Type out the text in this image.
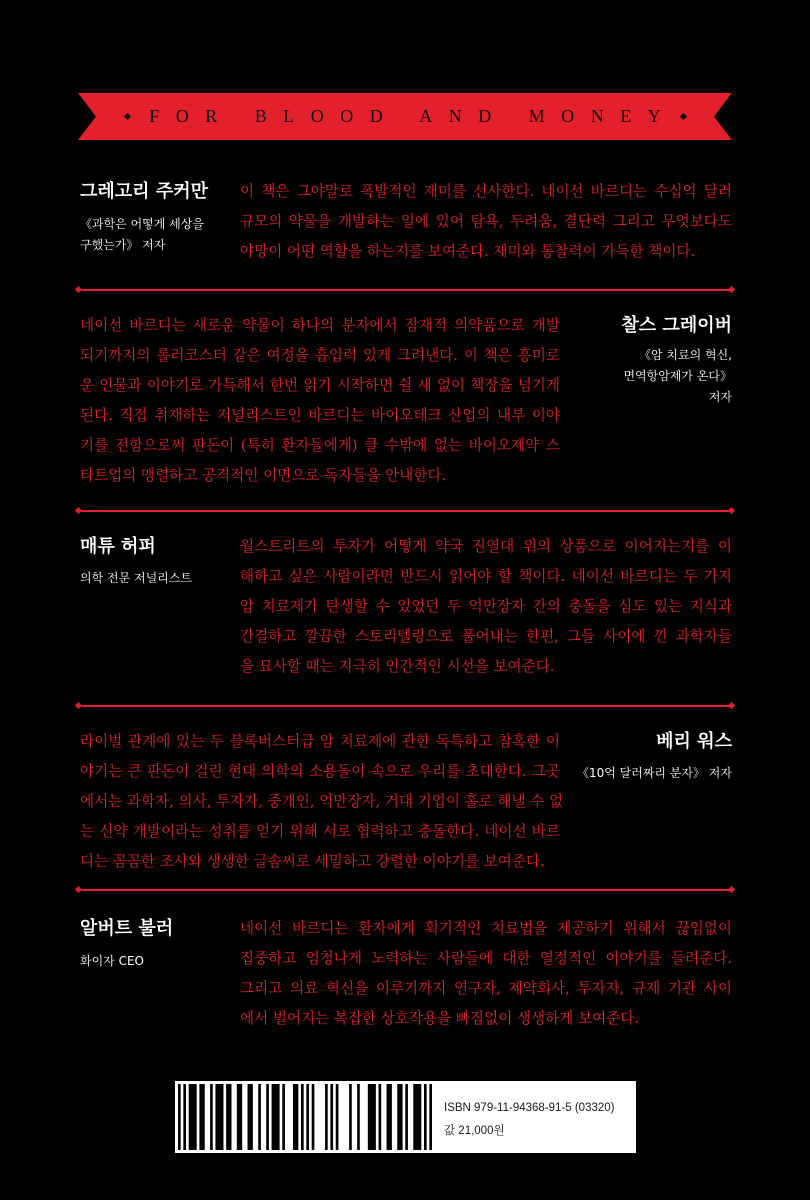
FOR BLOOD AND MONEY
그레고리 주커만
《과학은 어떻게 세상을
구했는가》 저자
이 책은 그야말로 폭발적인 재미를 선사한다. 네이선 바르디는 수십억 달러
규모의 약물을 개발하는 일에 있어 탐욕, 두려움, 결단력 그리고 무엇보다도
야망이 어떤 역할을 하는지를 보여준다. 재미와 통찰력이 가득한 책이다.
네이선 바르디는 새로운 약물이 하나의 분자에서 잠재적 의약품으로 개발
되기까지의 롤러코스터 같은 여정을 흡입력 있게 그려낸다. 이 책은 흥미로
운 인물과 이야기로 가득해서 한번 읽기 시작하면 쉴 새 없이 책장을 넘기게
된다. 직접 취재하는 저널리스트인 바르디는 바이오테크 산업의 내부 이야
기를 전함으로써 판돈이 (특히 환자들에게) 클 수밖에 없는 바이오제약 스
타트업의 맹렬하고 공격적인 이면으로 독자들을 안내한다.
찰스 그레이버
《암 치료의 혁신,
면역항암제가 온다》
저자
매튜 허퍼
의학 전문 저널리스트
월스트리트의 투자가 어떻게 약국 진열대 위의 상품으로 이어지는지를 이
해하고 싶은 사람이라면 반드시 읽어야 할 책이다. 네이선 바르디는 두 가지
암 치료제가 탄생할 수 있었던 두 억만장자 간의 충돌을 심도 있는 지식과
간결하고 깔끔한 스토리텔링으로 풀어내는 한편, 그들 사이에 낀 과학자들
을 묘사할 때는 지극히 인간적인 시선을 보여준다.
라이벌 관계에 있는 두 블록버스터급 암 치료제에 관한 독특하고 참혹한 이
야기는 큰 판돈이 걸린 현대 의학의 소용돌이 속으로 우리를 초대한다. 그곳
에서는 과학자, 의사, 투자자, 중개인, 억만장자, 거대 기업이 홀로 해낼 수 없
는 신약 개발이라는 성취를 얻기 위해 서로 협력하고 충돌한다. 네이선 바르
디는 꼼꼼한 조사와 생생한 글솜씨로 세밀하고 강렬한 이야기를 보여준다.
베리 워스
《10억 달러짜리 분자》 저자
알버트 불러
화이자 CEO
네이선 바르디는 환자에게 획기적인 치료법을 제공하기 위해서 끊임없이
집중하고 엄청나게 노력하는 사람들에 대한 열정적인 이야기를 들려준다.
그리고 의료 혁신을 이루기까지 연구자, 제약회사, 투자자, 규제 기관 사이
에서 벌어지는 복잡한 상호작용을 빠짐없이 생생하게 보여준다.
ISBN 979-11-94368-91-5 (03320)
값 21,000원
